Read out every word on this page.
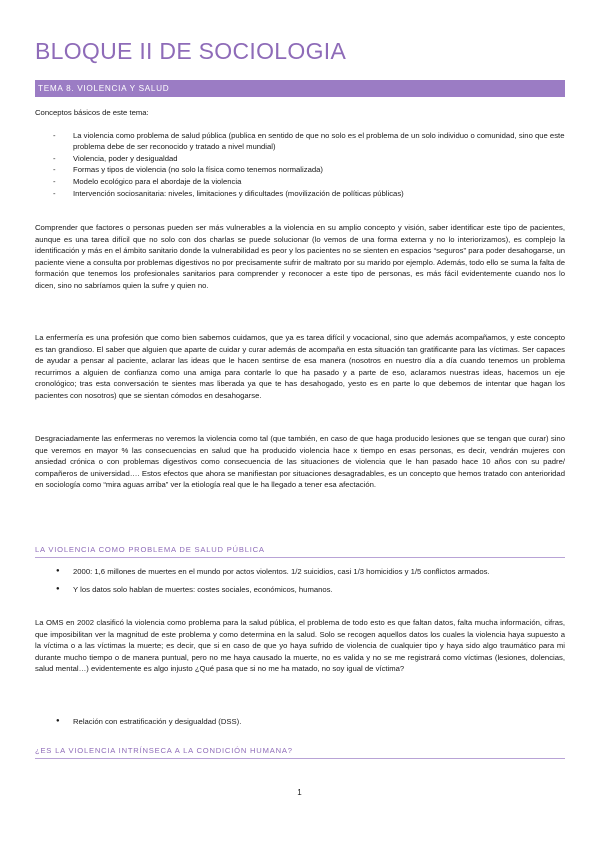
BLOQUE II DE SOCIOLOGIA
TEMA 8. VIOLENCIA Y SALUD

Conceptos básicos de este tema:

- La violencia como problema de salud pública (publica en sentido de que no solo es el problema de un solo individuo o comunidad, sino que este problema debe de ser reconocido y tratado a nivel mundial)
- Violencia, poder y desigualdad
- Formas y tipos de violencia (no solo la física como tenemos normalizada)
- Modelo ecológico para el abordaje de la violencia
- Intervención sociosanitaria: niveles, limitaciones y dificultades (movilización de políticas públicas)

Comprender que factores o personas pueden ser más vulnerables a la violencia en su amplio concepto y visión, saber identificar este tipo de pacientes, aunque es una tarea difícil que no solo con dos charlas se puede solucionar (lo vemos de una forma externa y no lo interiorizamos), es complejo la identificación y más en el ámbito sanitario donde la vulnerabilidad es peor y los pacientes no se sienten en espacios “seguros” para poder desahogarse, un paciente viene a consulta por problemas digestivos no por precisamente sufrir de maltrato por su marido por ejemplo. Además, todo ello se suma la falta de formación que tenemos los profesionales sanitarios para comprender y reconocer a este tipo de personas, es más fácil evidentemente cuando nos lo dicen, sino no sabríamos quien la sufre y quien no.

La enfermería es una profesión que como bien sabemos cuidamos, que ya es tarea difícil y vocacional, sino que además acompañamos, y este concepto es tan grandioso. El saber que alguien que aparte de cuidar y curar además de acompaña en esta situación tan gratificante para las víctimas. Ser capaces de ayudar a pensar al paciente, aclarar las ideas que le hacen sentirse de esa manera (nosotros en nuestro día a día cuando tenemos un problema recurrimos a alguien de confianza como una amiga para contarle lo que ha pasado y a parte de eso, aclaramos nuestras ideas, hacemos un eje cronológico; tras esta conversación te sientes mas liberada ya que te has desahogado, yesto es en parte lo que debemos de intentar que hagan los pacientes con nosotros) que se sientan cómodos en desahogarse.

Desgraciadamente las enfermeras no veremos la violencia como tal (que también, en caso de que haga producido lesiones que se tengan que curar) sino que veremos en mayor % las consecuencias en salud que ha producido violencia hace x tiempo en esas personas, es decir, vendrán mujeres con ansiedad crónica o con problemas digestivos como consecuencia de las situaciones de violencia que le han pasado hace 10 años con su padre/ compañeros de universidad…. Estos efectos que ahora se manifiestan por situaciones desagradables, es un concepto que hemos tratado con anterioridad en sociología como “mira aguas arriba” ver la etiología real que le ha llegado a tener esa afectación.

LA VIOLENCIA COMO PROBLEMA DE SALUD PÚBLICA
● 2000: 1,6 millones de muertes en el mundo por actos violentos. 1/2 suicidios, casi 1/3 homicidios y 1/5 conflictos armados.
● Y los datos solo hablan de muertes: costes sociales, económicos, humanos.

La OMS en 2002 clasificó la violencia como problema para la salud pública, el problema de todo esto es que faltan datos, falta mucha información, cifras, que imposibilitan ver la magnitud de este problema y como determina en la salud. Solo se recogen aquellos datos los cuales la violencia haya supuesto a la víctima o a las víctimas la muerte; es decir, que si en caso de que yo haya sufrido de violencia de cualquier tipo y haya sido algo traumático para mi durante mucho tiempo o de manera puntual, pero no me haya causado la muerte, no es valida y no se me registrará como víctimas (lesiones, dolencias, salud mental…) evidentemente es algo injusto ¿Qué pasa que si no me ha matado, no soy igual de víctima?

● Relación con estratificación y desigualdad (DSS).
¿ES LA VIOLENCIA INTRÍNSECA A LA CONDICIÓN HUMANA?
1
